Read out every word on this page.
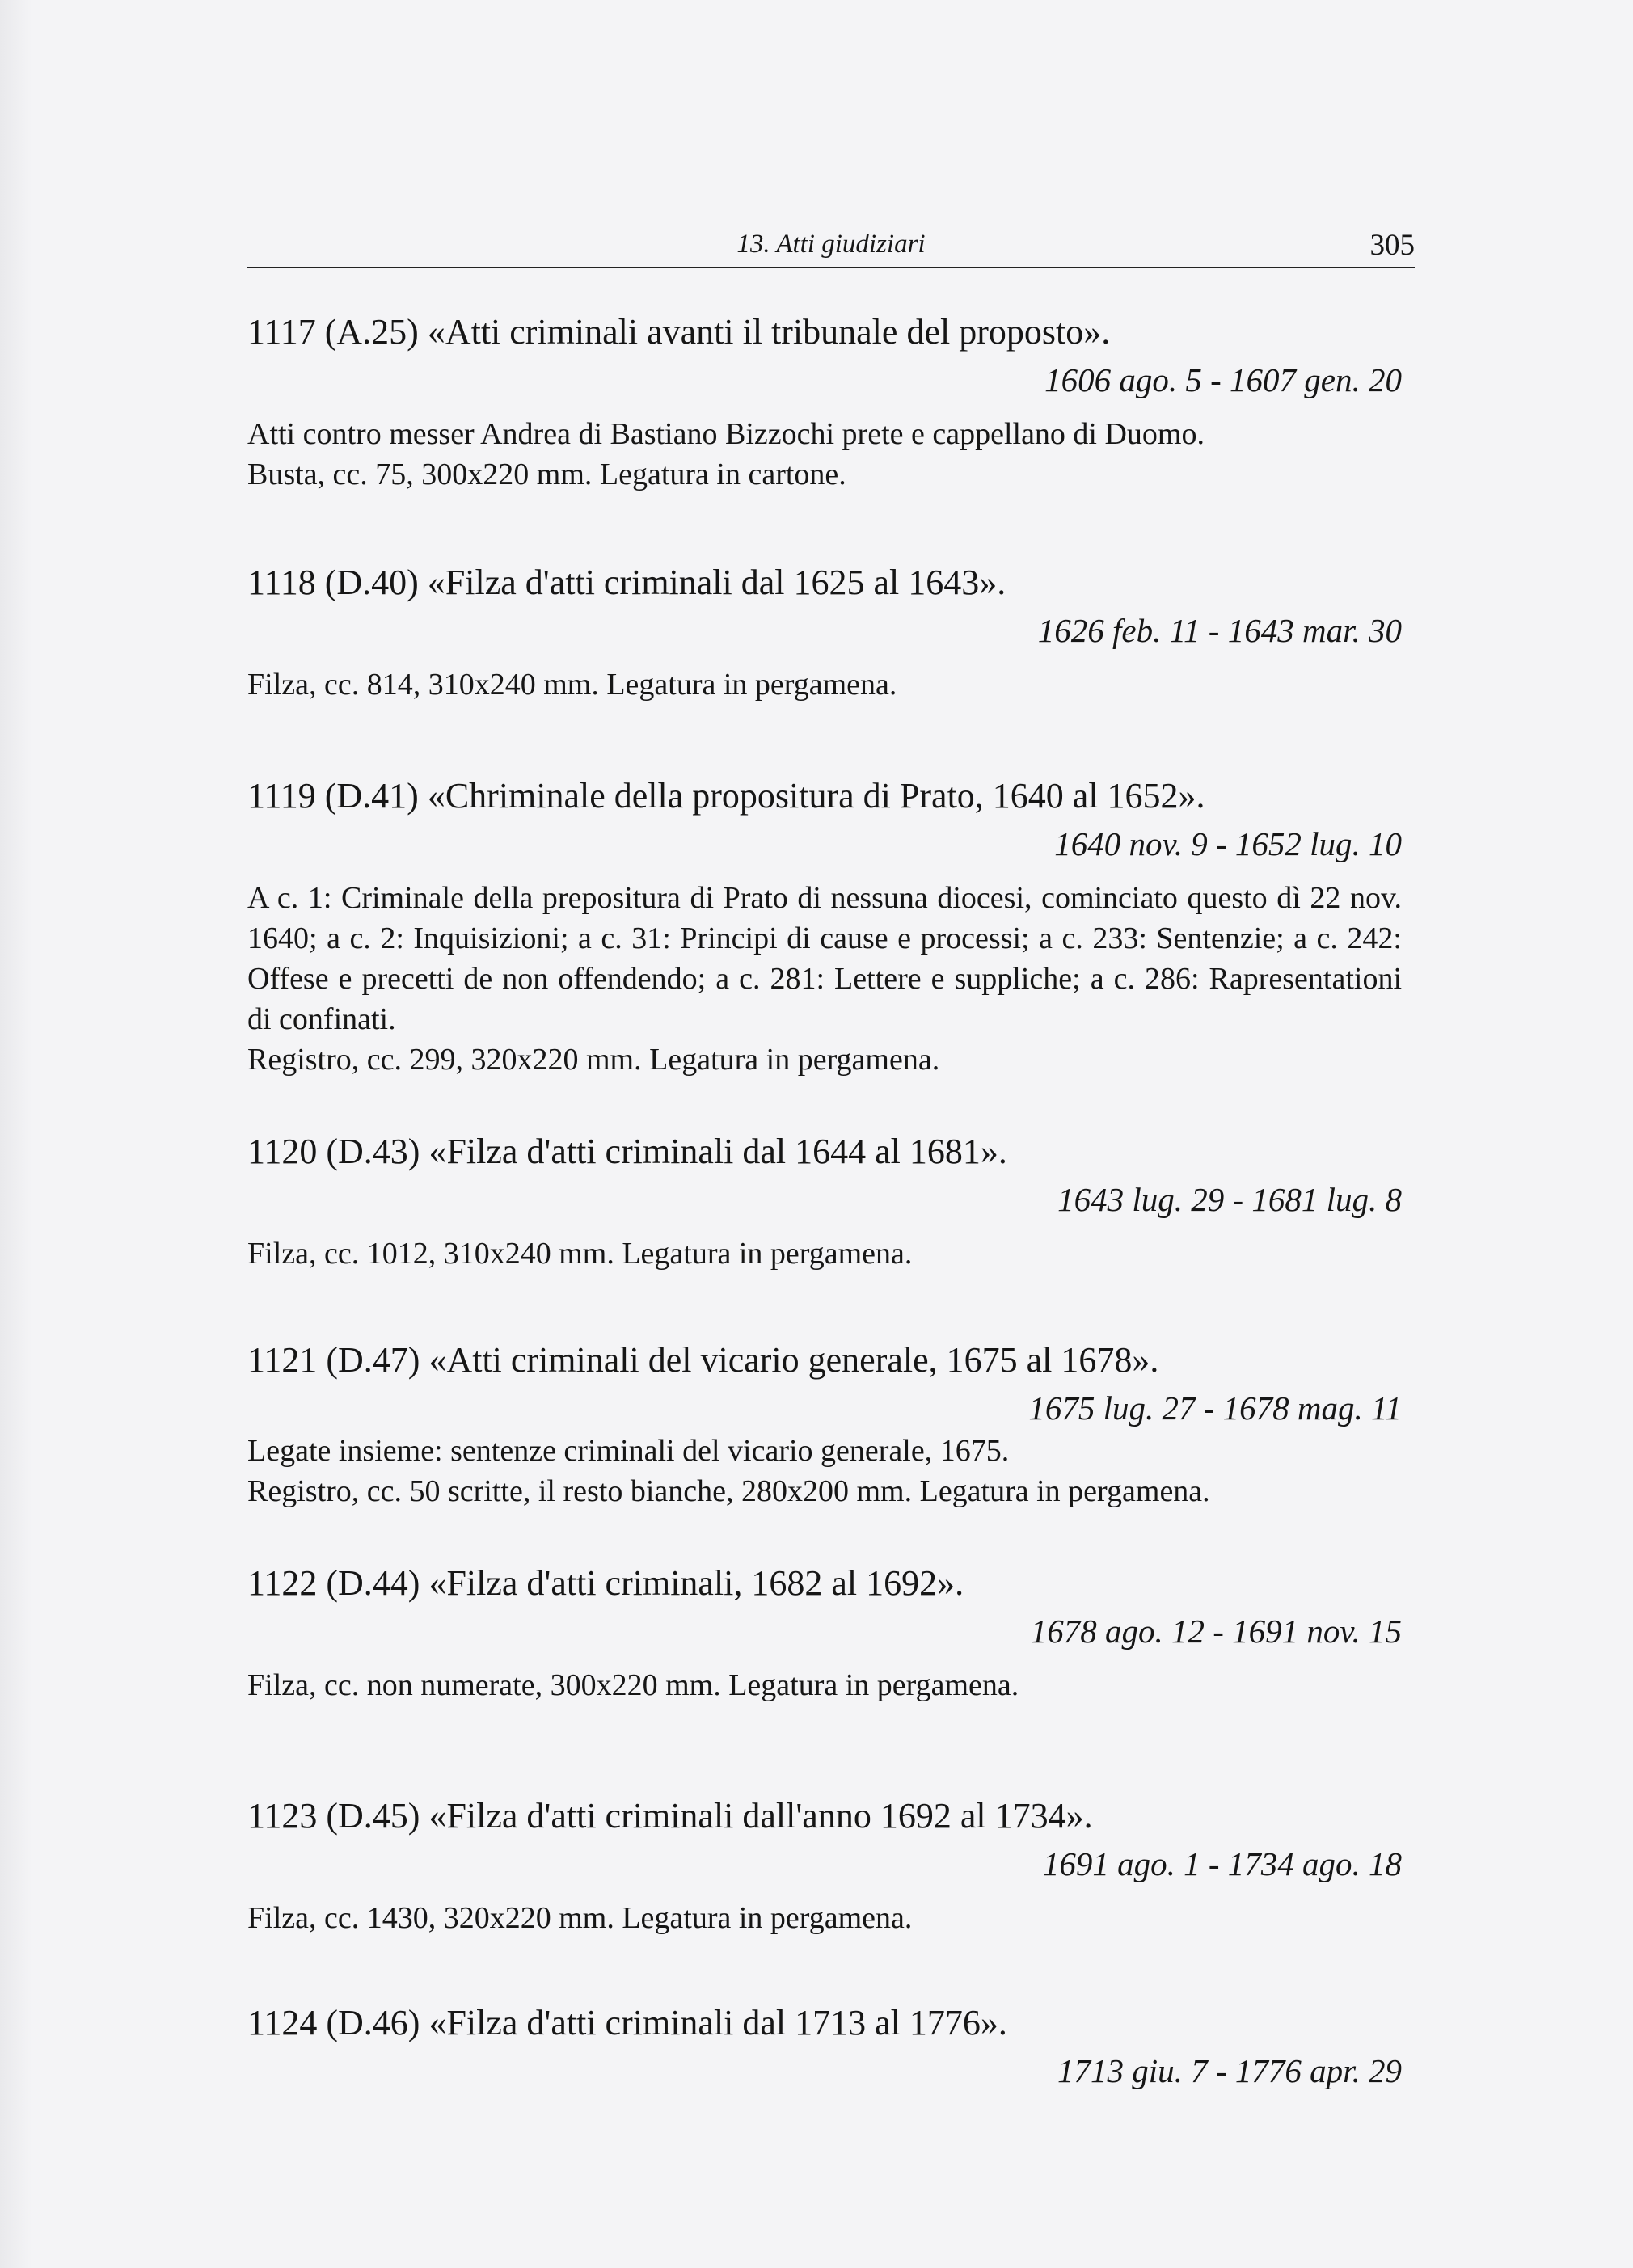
13. Atti giudiziari	305
1117 (A.25) «Atti criminali avanti il tribunale del proposto».
1606 ago. 5 - 1607 gen. 20
Atti contro messer Andrea di Bastiano Bizzochi prete e cappellano di Duomo.
Busta, cc. 75, 300x220 mm. Legatura in cartone.
1118 (D.40) «Filza d'atti criminali dal 1625 al 1643».
1626 feb. 11 - 1643 mar. 30
Filza, cc. 814, 310x240 mm. Legatura in pergamena.
1119 (D.41) «Chriminale della propositura di Prato, 1640 al 1652».
1640 nov. 9 - 1652 lug. 10

A c. 1: Criminale della prepositura di Prato di nessuna diocesi, cominciato questo dì 22 nov. 1640; a c. 2: Inquisizioni; a c. 31: Principi di cause e processi; a c. 233: Sentenzie; a c. 242: Offese e precetti de non offendendo; a c. 281: Lettere e suppliche; a c. 286: Rapresentationi di confinati.

Registro, cc. 299, 320x220 mm. Legatura in pergamena.
1120 (D.43) «Filza d'atti criminali dal 1644 al 1681».
1643 lug. 29 - 1681 lug. 8
Filza, cc. 1012, 310x240 mm. Legatura in pergamena.
1121 (D.47) «Atti criminali del vicario generale, 1675 al 1678».
1675 lug. 27 - 1678 mag. 11
Legate insieme: sentenze criminali del vicario generale, 1675.
Registro, cc. 50 scritte, il resto bianche, 280x200 mm. Legatura in pergamena.
1122 (D.44) «Filza d'atti criminali, 1682 al 1692».
1678 ago. 12 - 1691 nov. 15
Filza, cc. non numerate, 300x220 mm. Legatura in pergamena.
1123 (D.45) «Filza d'atti criminali dall'anno 1692 al 1734».
1691 ago. 1 - 1734 ago. 18
Filza, cc. 1430, 320x220 mm. Legatura in pergamena.
1124 (D.46) «Filza d'atti criminali dal 1713 al 1776».
1713 giu. 7 - 1776 apr. 29
